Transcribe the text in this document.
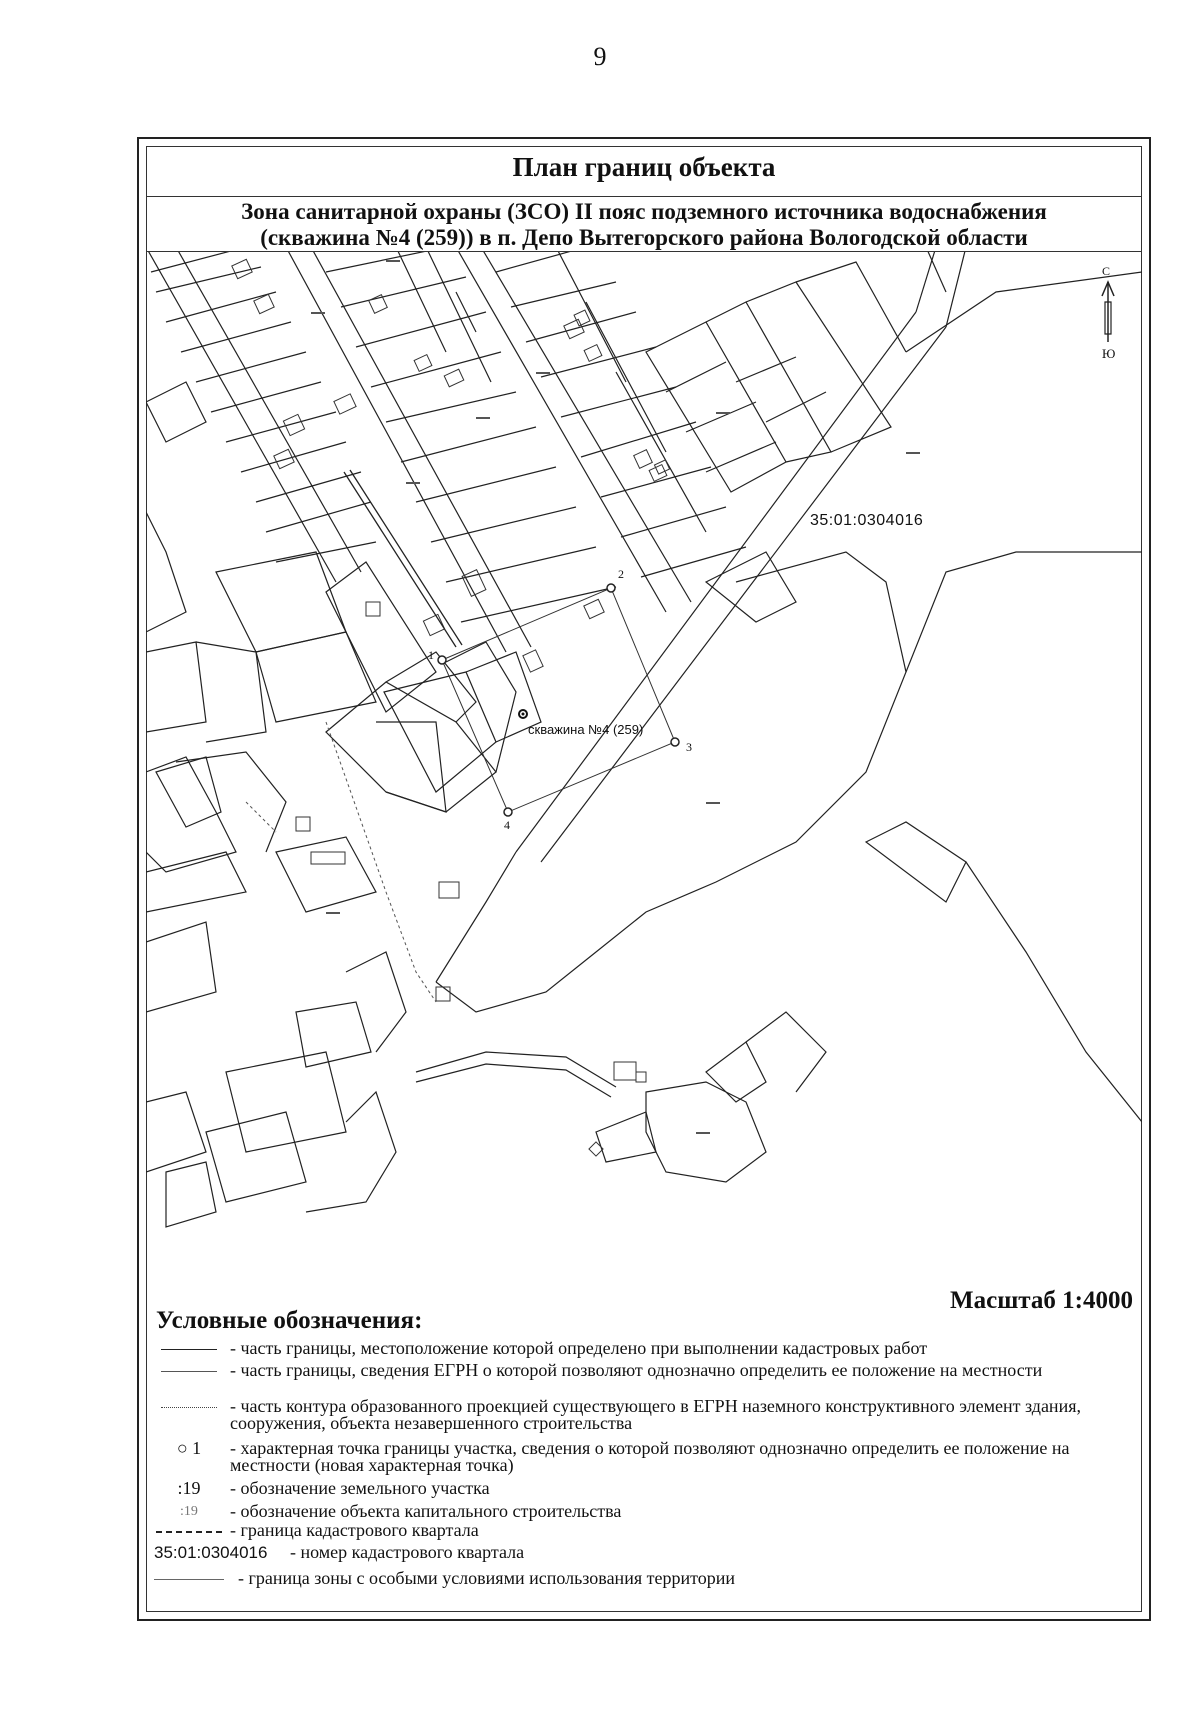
9
План границ объекта
Зона санитарной охраны (ЗСО) II пояс подземного источника водоснабжения
(скважина №4 (259)) в п. Депо Вытегорского района Вологодской области
35:01:0304016
скважина №4 (259)
1
2
3
4
С
Ю
Масштаб 1:4000
Условные обозначения:
- часть границы, местоположение которой определено при выполнении кадастровых работ
- часть границы, сведения ЕГРН о которой позволяют однозначно определить ее положение на местности
- часть контура образованного проекцией существующего в ЕГРН наземного конструктивного элемент здания, сооружения, объекта незавершенного строительства
○ 1	- характерная точка границы участка, сведения о которой позволяют однозначно определить ее положение на местности (новая характерная точка)
:19	- обозначение земельного участка
:19	- обозначение объекта капитального строительства
- граница кадастрового квартала
35:01:0304016 - номер кадастрового квартала
- граница зоны с особыми условиями использования территории
